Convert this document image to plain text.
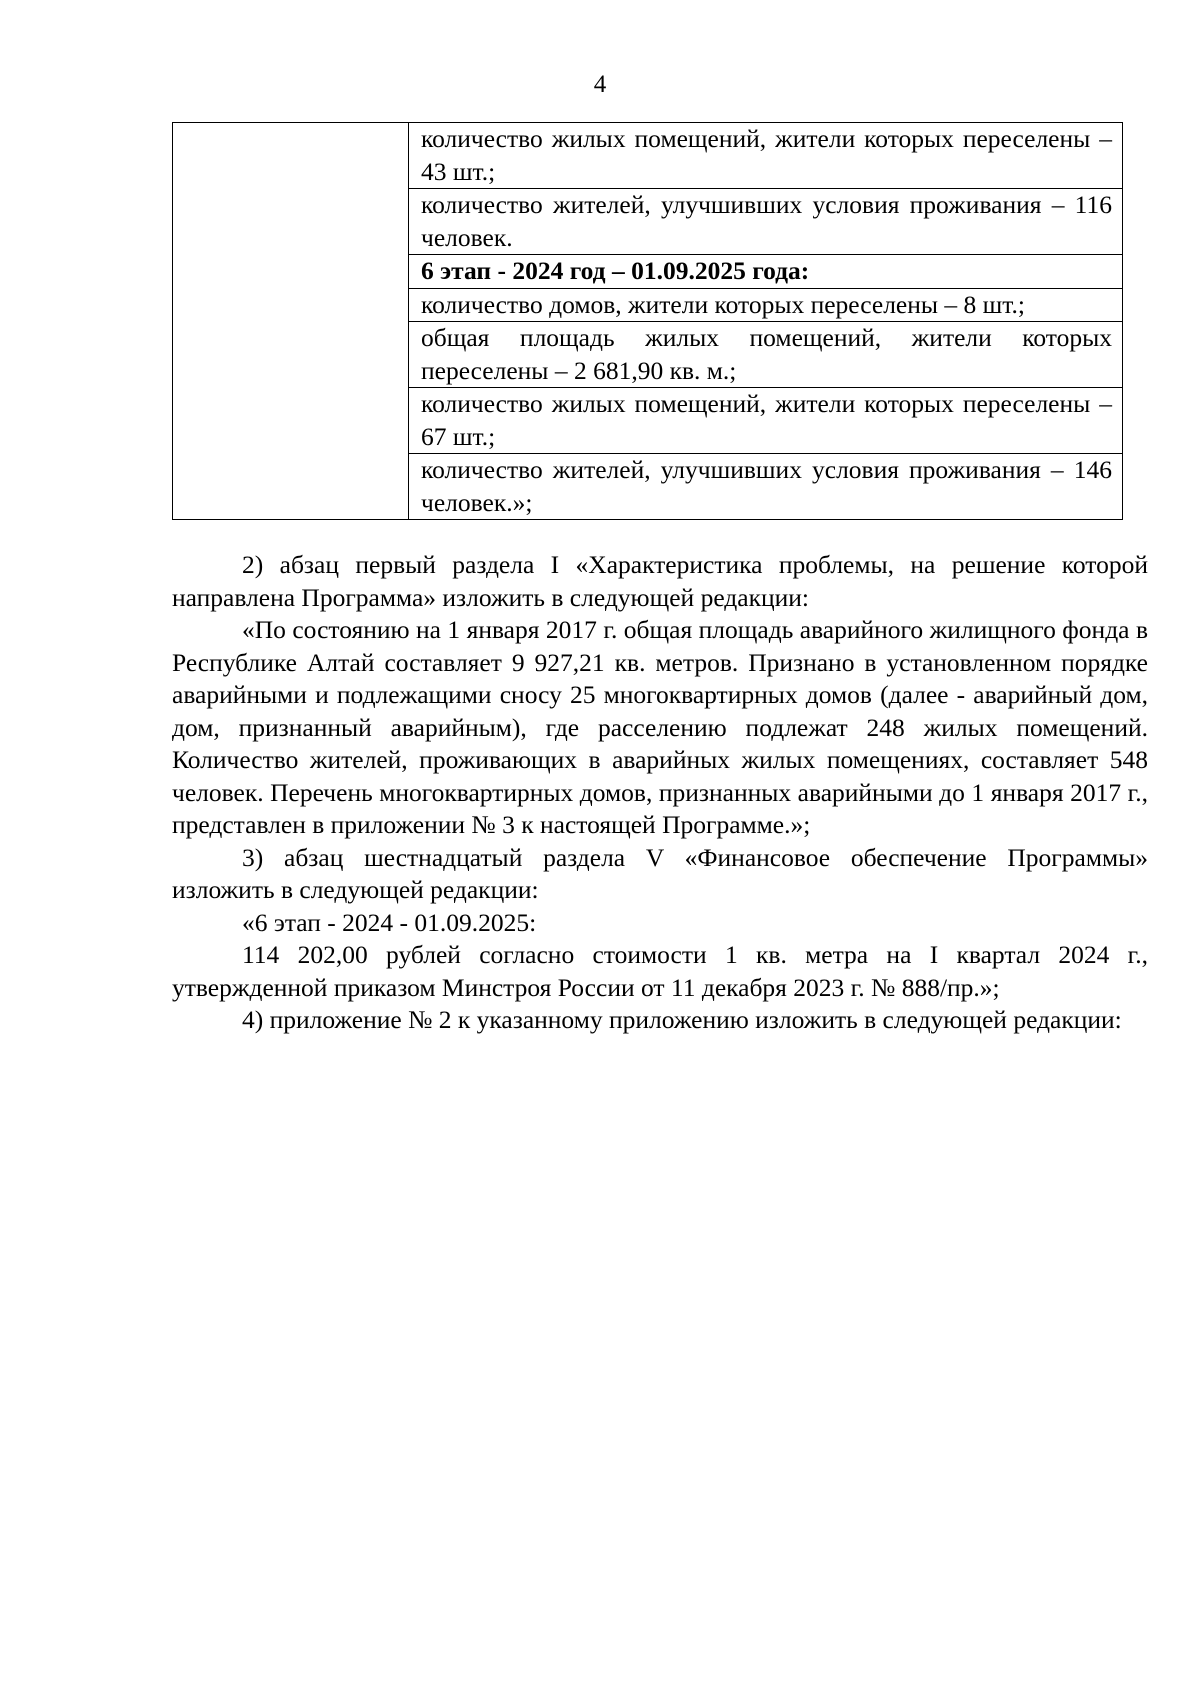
4

количество жилых помещений, жители которых переселены – 43 шт.;
количество жителей, улучшивших условия проживания – 116 человек.
6 этап - 2024 год – 01.09.2025 года:
количество домов, жители которых переселены – 8 шт.;
общая площадь жилых помещений, жители которых переселены – 2 681,90 кв. м.;
количество жилых помещений, жители которых переселены – 67 шт.;
количество жителей, улучшивших условия проживания – 146 человек.»;

2) абзац первый раздела I «Характеристика проблемы, на решение которой направлена Программа» изложить в следующей редакции:

«По состоянию на 1 января 2017 г. общая площадь аварийного жилищного фонда в Республике Алтай составляет 9 927,21 кв. метров. Признано в установленном порядке аварийными и подлежащими сносу 25 многоквартирных домов (далее - аварийный дом, дом, признанный аварийным), где расселению подлежат 248 жилых помещений. Количество жителей, проживающих в аварийных жилых помещениях, составляет 548 человек. Перечень многоквартирных домов, признанных аварийными до 1 января 2017 г., представлен в приложении № 3 к настоящей Программе.»;

3) абзац шестнадцатый раздела V «Финансовое обеспечение Программы» изложить в следующей редакции:

«6 этап - 2024 - 01.09.2025:

114 202,00 рублей согласно стоимости 1 кв. метра на I квартал 2024 г., утвержденной приказом Минстроя России от 11 декабря 2023 г. № 888/пр.»;

4) приложение № 2 к указанному приложению изложить в следующей редакции:
